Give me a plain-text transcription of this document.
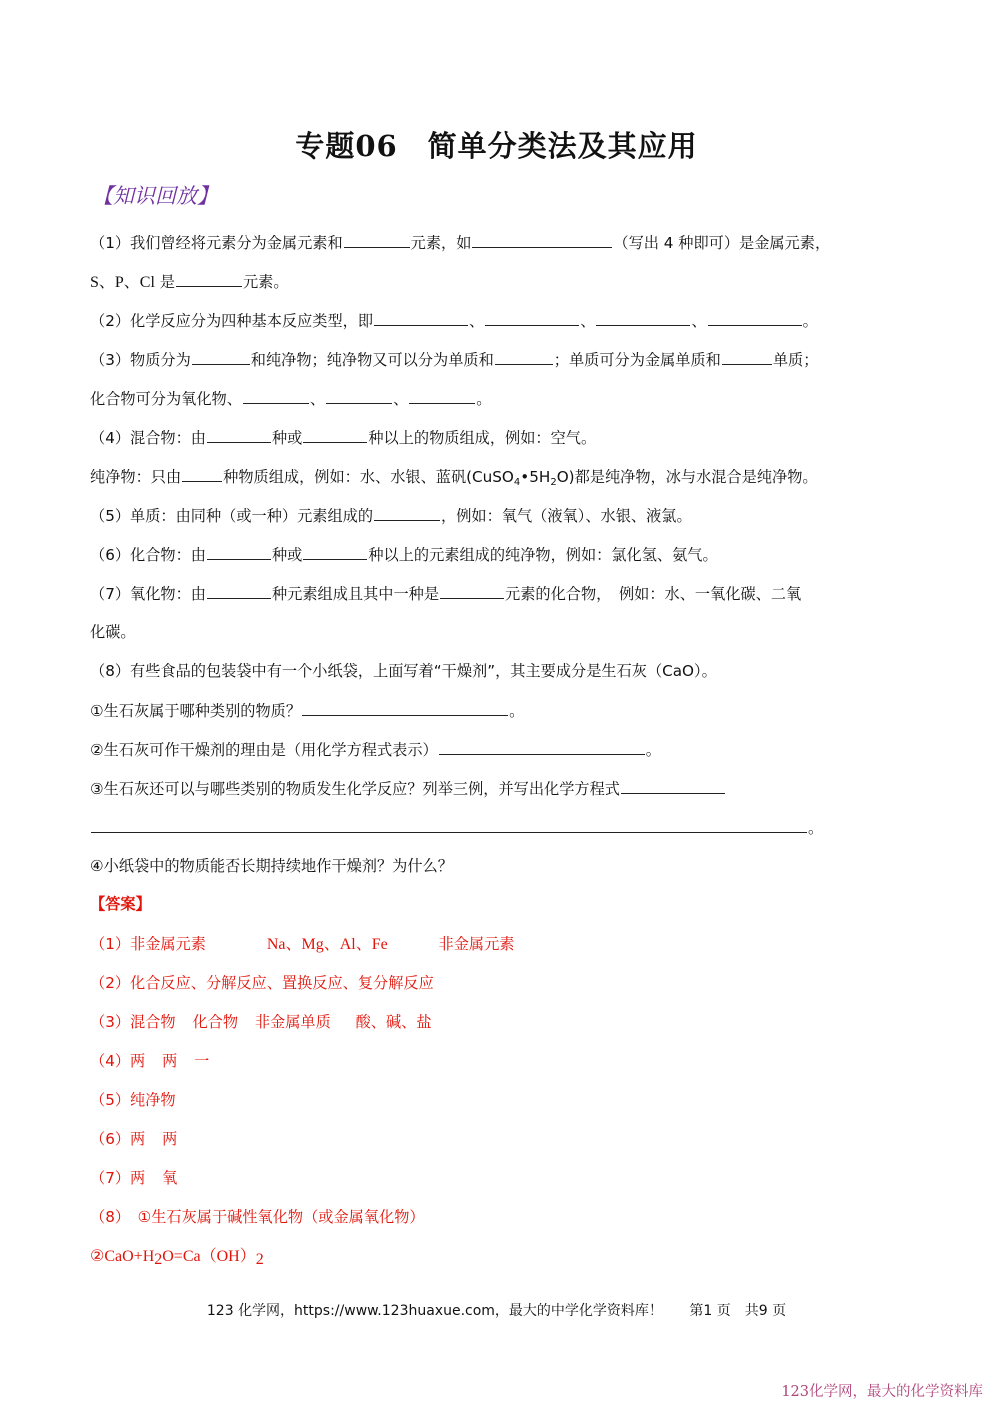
专题06　简单分类法及其应用
【知识回放】
（1）我们曾经将元素分为金属元素和	元素，如	（写出 4 种即可）是金属元素，
S、P、Cl 是	元素。
（2）化学反应分为四种基本反应类型，即	、	、	、	。
（3）物质分为	和纯净物；纯净物又可以分为单质和	；单质可分为金属单质和	单质；
化合物可分为氧化物、	、	、	。
（4）混合物：由	种或	种以上的物质组成，例如：空气。
纯净物：只由	种物质组成，例如：水、水银、蓝矾$(CuSO_4•5H_2O)$都是纯净物，冰与水混合是纯净物。
（5）单质：由同种（或一种）元素组成的	，例如：氧气（液氧）、水银、液氯。
（6）化合物：由	种或	种以上的元素组成的纯净物，例如：氯化氢、氨气。
（7）氧化物：由	种元素组成且其中一种是	元素的化合物，　例如：水、一氧化碳、二氧
化碳。
（8）有些食品的包装袋中有一个小纸袋，上面写着“干燥剂”，其主要成分是生石灰（CaO）。
①生石灰属于哪种类别的物质？	。
②生石灰可作干燥剂的理由是（用化学方程式表示）	。
③生石灰还可以与哪些类别的物质发生化学反应？列举三例，并写出化学方程式
。
④小纸袋中的物质能否长期持续地作干燥剂？为什么？
【答案】
（1）非金属元素	Na、Mg、Al、Fe	非金属元素
（2）化合反应、分解反应、置换反应、复分解反应
（3）混合物 化合物 非金属单质 酸、碱、盐
（4）两 两 一
（5）纯净物
（6）两 两
（7）两 氧
（8）　①生石灰属于碱性氧化物（或金属氧化物）
$②CaO+H_2O=Ca(OH)_2$
123 化学网，https://www.123huaxue.com，最大的中学化学资料库！ 第1 页　共9 页
123化学网，最大的化学资料库
